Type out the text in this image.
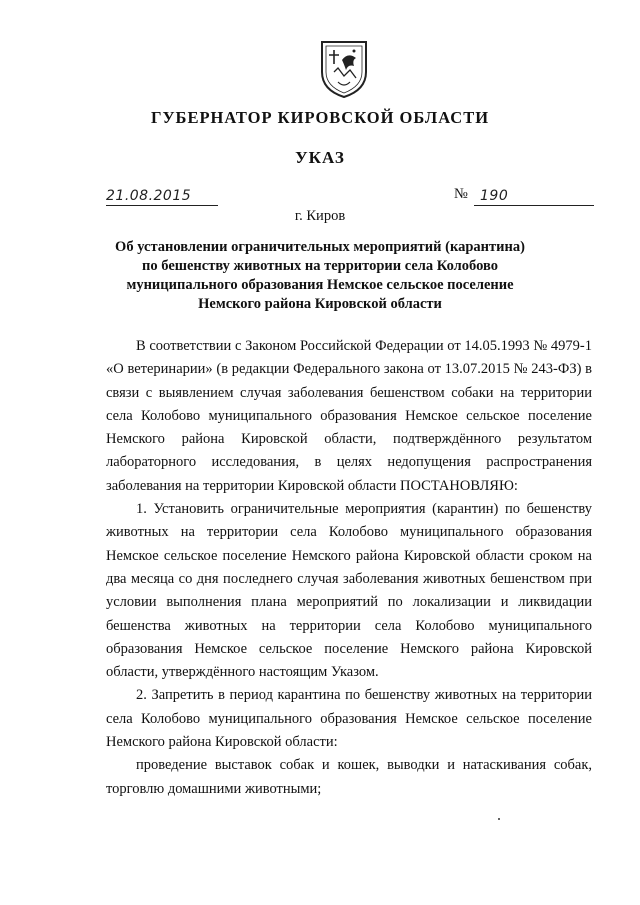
ГУБЕРНАТОР КИРОВСКОЙ ОБЛАСТИ
УКАЗ
21.08.2015	№ 190
г. Киров
Об установлении ограничительных мероприятий (карантина)
по бешенству животных на территории села Колобово
муниципального образования Немское сельское поселение
Немского района Кировской области

В соответствии с Законом Российской Федерации от 14.05.1993 № 4979-1 «О ветеринарии» (в редакции Федерального закона от 13.07.2015 № 243-ФЗ) в связи с выявлением случая заболевания бешенством собаки на территории села Колобово муниципального образования Немское сельское поселение Немского района Кировской области, подтверждённого результатом лабораторного исследования, в целях недопущения распространения заболевания на территории Кировской области ПОСТАНОВЛЯЮ:

1. Установить ограничительные мероприятия (карантин) по бешенству животных на территории села Колобово муниципального образования Немское сельское поселение Немского района Кировской области сроком на два месяца со дня последнего случая заболевания животных бешенством при условии выполнения плана мероприятий по локализации и ликвидации бешенства животных на территории села Колобово муниципального образования Немское сельское поселение Немского района Кировской области, утверждённого настоящим Указом.

2. Запретить в период карантина по бешенству животных на территории села Колобово муниципального образования Немское сельское поселение Немского района Кировской области:

проведение выставок собак и кошек, выводки и натаскивания собак, торговлю домашними животными;
